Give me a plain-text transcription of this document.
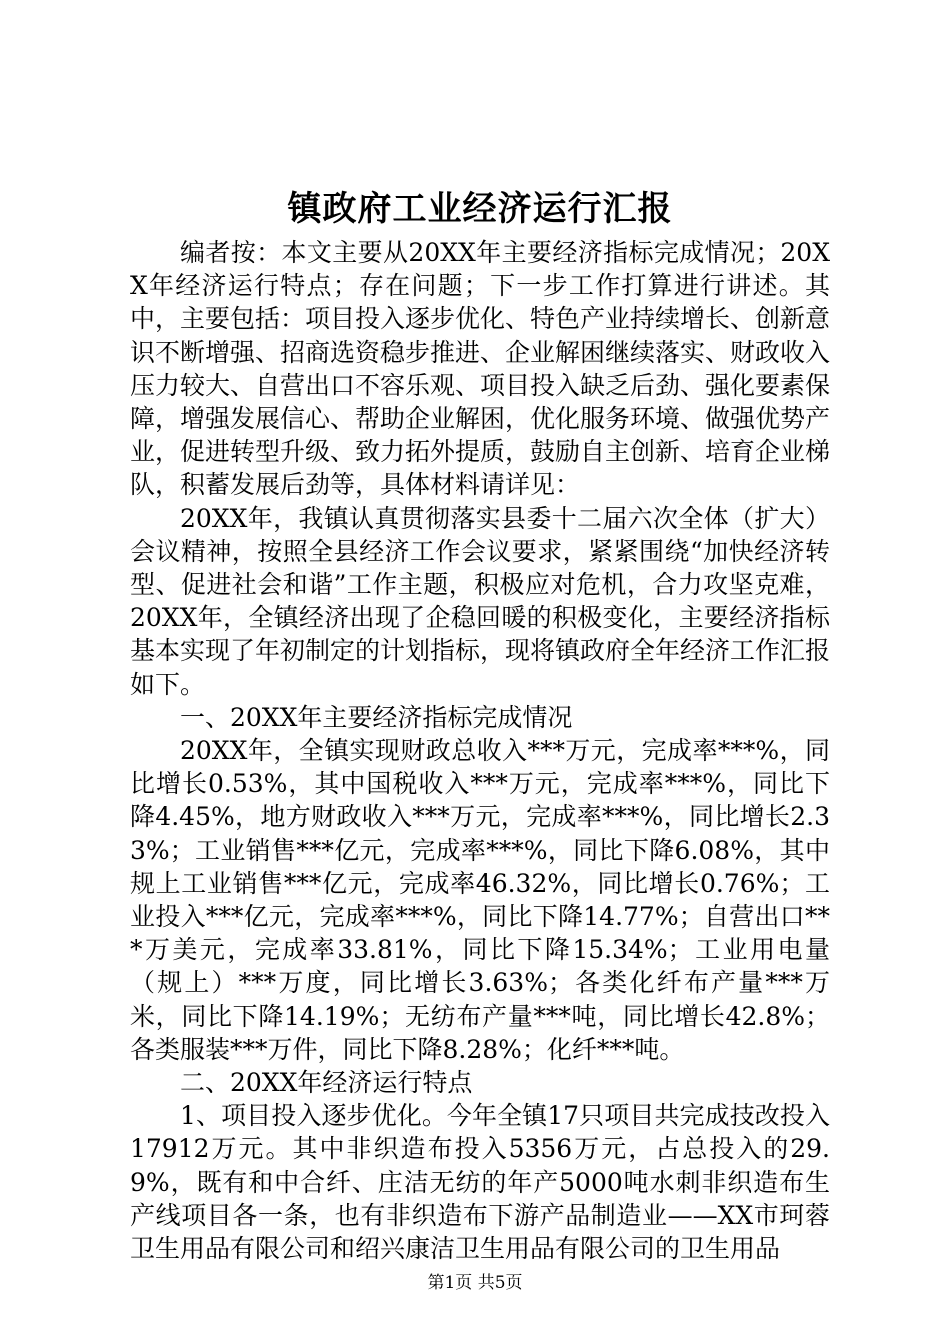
镇政府工业经济运行汇报

编者按：本文主要从20XX年主要经济指标完成情况；20XX年经济运行特点；存在问题；下一步工作打算进行讲述。其中，主要包括：项目投入逐步优化、特色产业持续增长、创新意识不断增强、招商选资稳步推进、企业解困继续落实、财政收入压力较大、自营出口不容乐观、项目投入缺乏后劲、强化要素保障，增强发展信心、帮助企业解困，优化服务环境、做强优势产业，促进转型升级、致力拓外提质，鼓励自主创新、培育企业梯队，积蓄发展后劲等，具体材料请详见：

20XX年，我镇认真贯彻落实县委十二届六次全体（扩大）会议精神，按照全县经济工作会议要求，紧紧围绕“加快经济转型、促进社会和谐”工作主题，积极应对危机，合力攻坚克难，20XX年，全镇经济出现了企稳回暖的积极变化，主要经济指标基本实现了年初制定的计划指标，现将镇政府全年经济工作汇报如下。

一、20XX年主要经济指标完成情况

20XX年，全镇实现财政总收入***万元，完成率***%，同比增长0.53%，其中国税收入***万元，完成率***%，同比下降4.45%，地方财政收入***万元，完成率***%，同比增长2.33%；工业销售***亿元，完成率***%，同比下降6.08%，其中规上工业销售***亿元，完成率46.32%，同比增长0.76%；工业投入***亿元，完成率***%，同比下降14.77%；自营出口***万美元，完成率33.81%，同比下降15.34%；工业用电量（规上）***万度，同比增长3.63%；各类化纤布产量***万米，同比下降14.19%；无纺布产量***吨，同比增长42.8%；各类服装***万件，同比下降8.28%；化纤***吨。

二、20XX年经济运行特点

1、项目投入逐步优化。今年全镇17只项目共完成技改投入17912万元。其中非织造布投入5356万元，占总投入的29.9%，既有和中合纤、庄洁无纺的年产5000吨水刺非织造布生产线项目各一条，也有非织造布下游产品制造业——XX市珂蓉卫生用品有限公司和绍兴康洁卫生用品有限公司的卫生用品

第1页 共5页
